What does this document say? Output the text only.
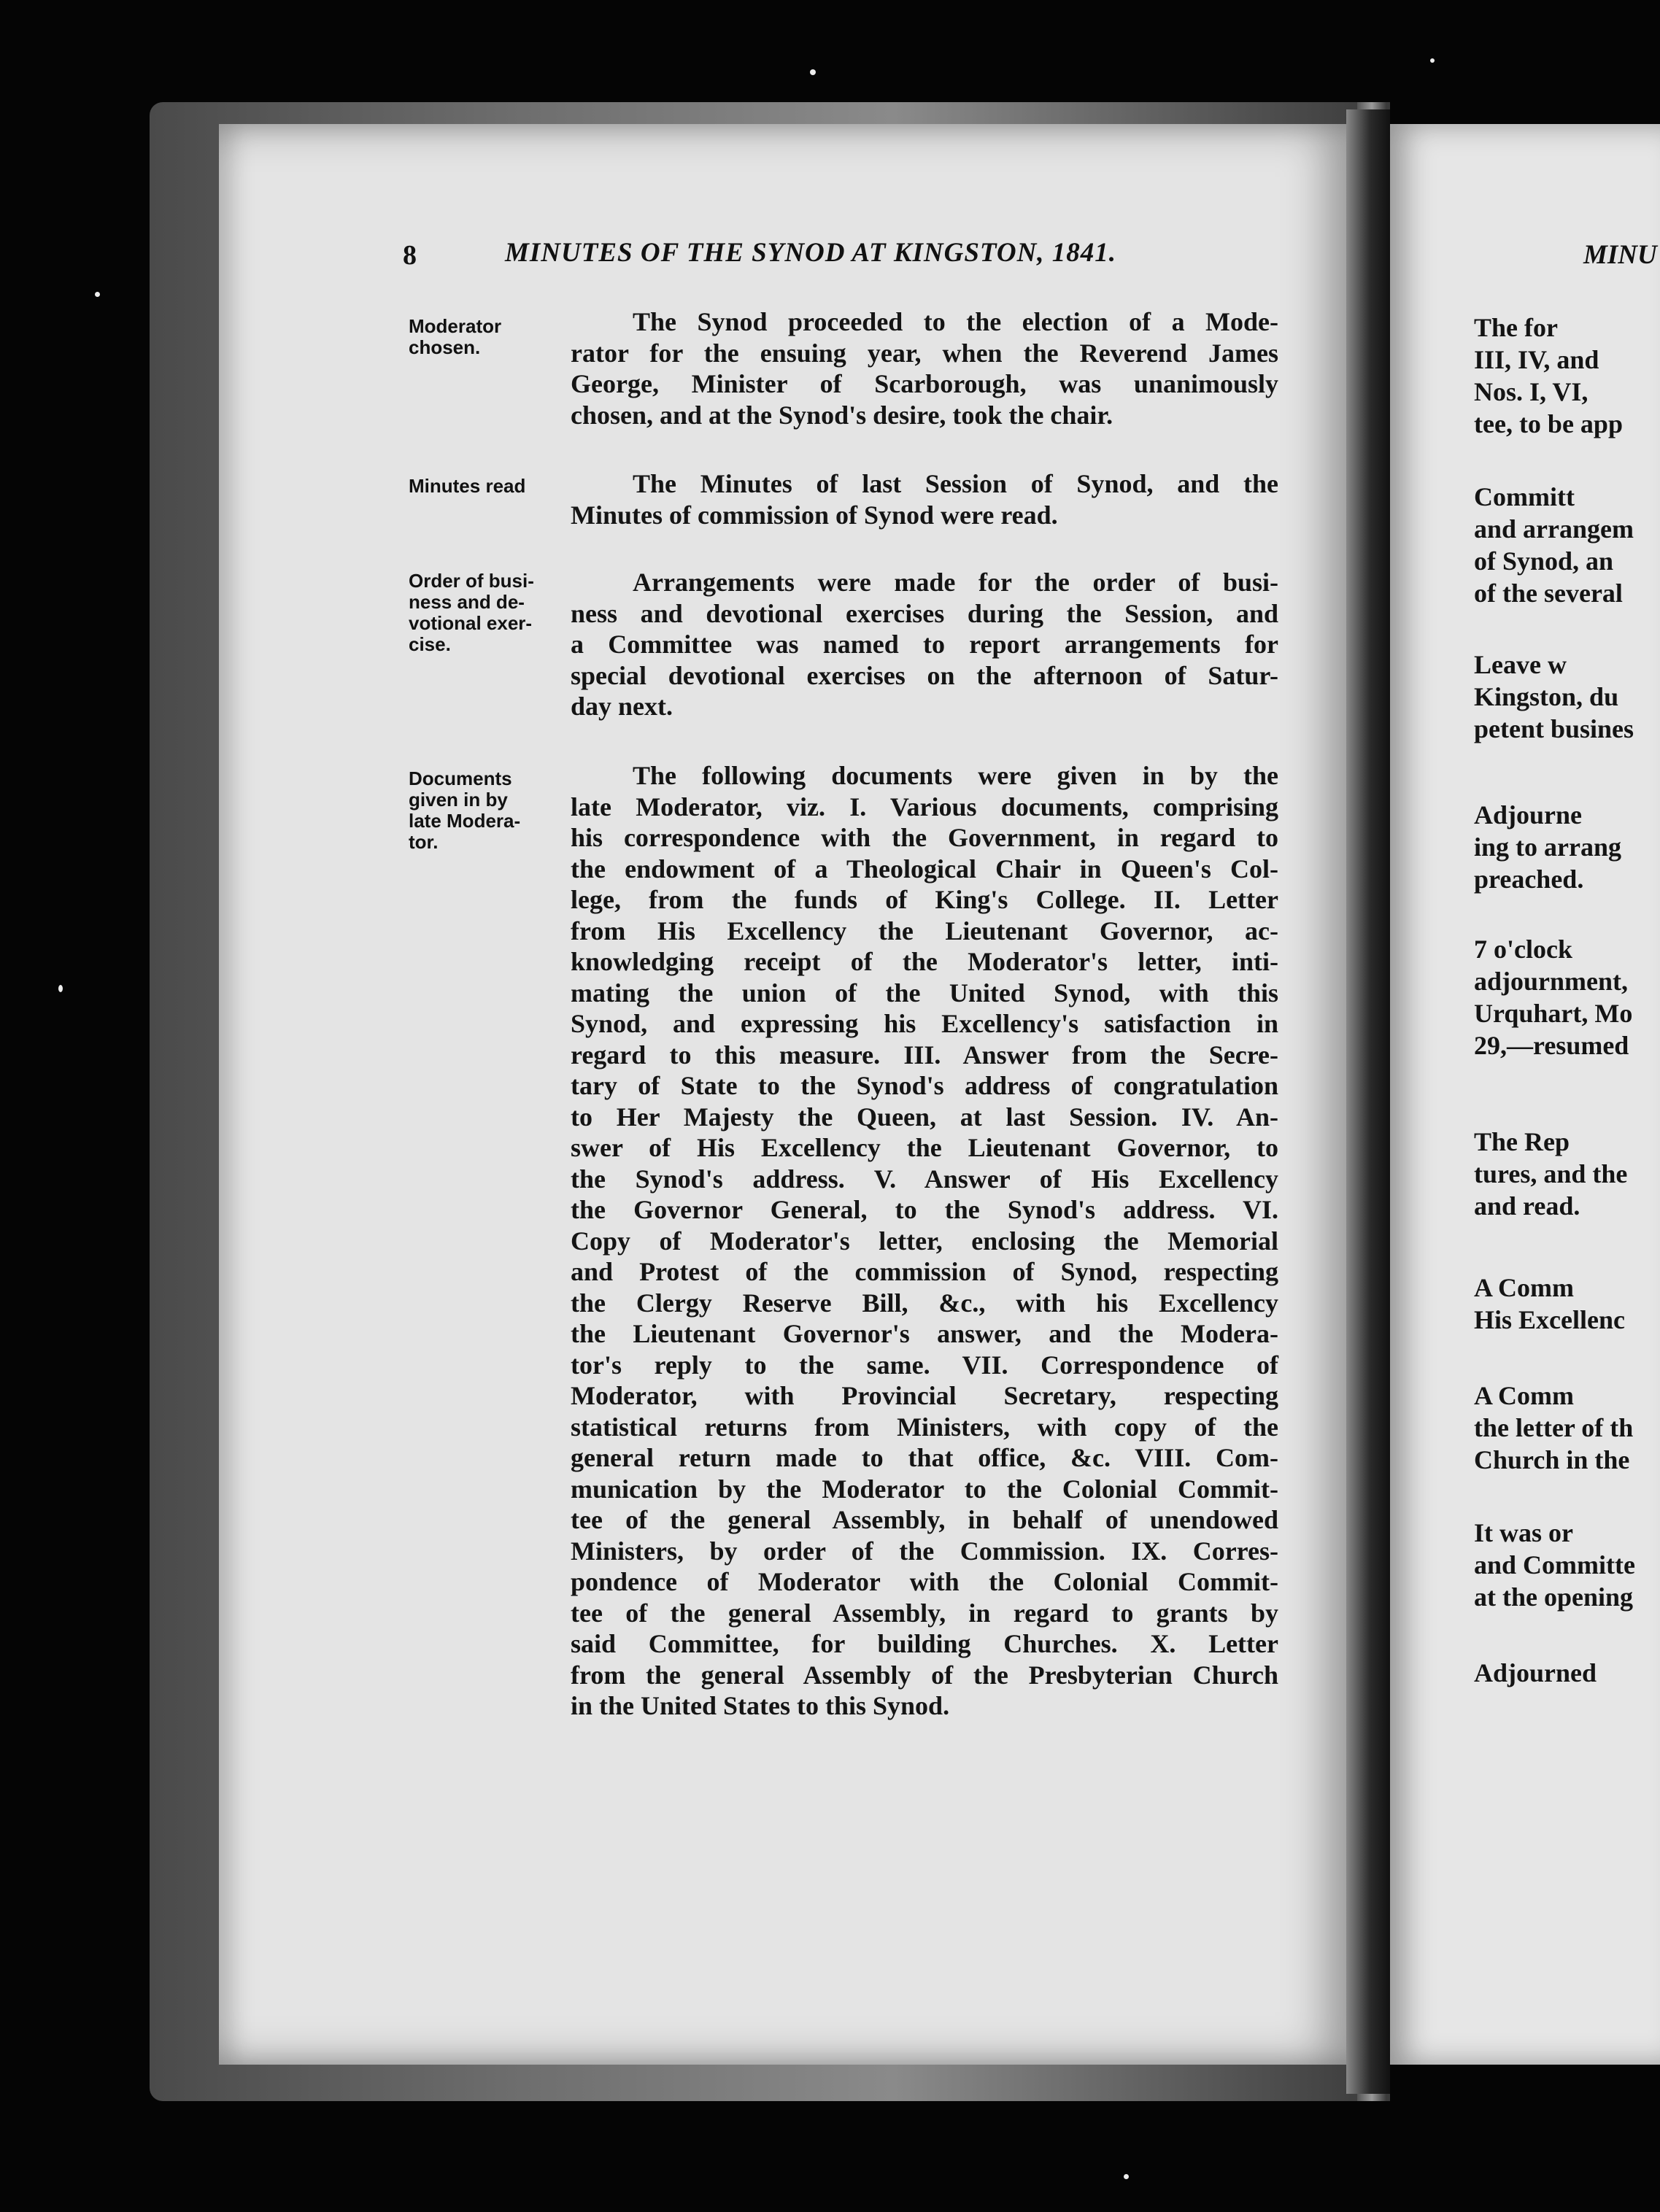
8	MINUTES OF THE SYNOD AT KINGSTON, 1841.	MINU
Moderator
chosen.
The Synod proceeded to the election of a Mode-
rator for the ensuing year, when the Reverend James
George, Minister of Scarborough, was unanimously
chosen, and at the Synod's desire, took the chair.
Minutes read	The Minutes of last Session of Synod, and the
Minutes of commission of Synod were read.
Order of busi-
ness and de-
votional exer-
cise.
Arrangements were made for the order of busi-
ness and devotional exercises during the Session, and
a Committee was named to report arrangements for
special devotional exercises on the afternoon of Satur-
day next.
Documents
given in by
late Modera-
tor.
The following documents were given in by the
late Moderator, viz. I. Various documents, comprising
his correspondence with the Government, in regard to
the endowment of a Theological Chair in Queen's Col-
lege, from the funds of King's College. II. Letter
from His Excellency the Lieutenant Governor, ac-
knowledging receipt of the Moderator's letter, inti-
mating the union of the United Synod, with this
Synod, and expressing his Excellency's satisfaction in
regard to this measure. III. Answer from the Secre-
tary of State to the Synod's address of congratulation
to Her Majesty the Queen, at last Session. IV. An-
swer of His Excellency the Lieutenant Governor, to
the Synod's address. V. Answer of His Excellency
the Governor General, to the Synod's address. VI.
Copy of Moderator's letter, enclosing the Memorial
and Protest of the commission of Synod, respecting
the Clergy Reserve Bill, &c., with his Excellency
the Lieutenant Governor's answer, and the Modera-
tor's reply to the same. VII. Correspondence of
Moderator, with Provincial Secretary, respecting
statistical returns from Ministers, with copy of the
general return made to that office, &c. VIII. Com-
munication by the Moderator to the Colonial Commit-
tee of the general Assembly, in behalf of unendowed
Ministers, by order of the Commission. IX. Corres-
pondence of Moderator with the Colonial Commit-
tee of the general Assembly, in regard to grants by
said Committee, for building Churches. X. Letter
from the general Assembly of the Presbyterian Church
in the United States to this Synod.
The for
III, IV, and
Nos. I, VI,
tee, to be app
Committ
and arrangem
of Synod, an
of the several
Leave w
Kingston, du
petent busines
Adjourne
ing to arrang
preached.
7 o'clock
adjournment,
Urquhart, Mo
29,—resumed
The Rep
tures, and the
and read.
A Comm
His Excellenc
A Comm
the letter of th
Church in the
It was or
and Committe
at the opening
Adjourned
